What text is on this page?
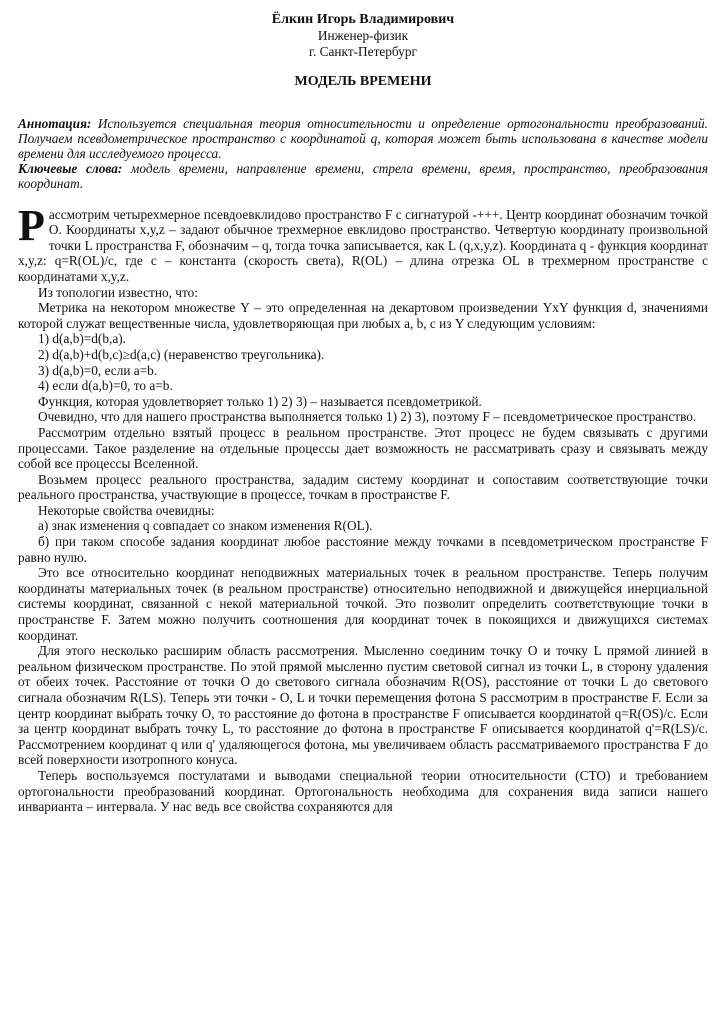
Ёлкин Игорь Владимирович
Инженер-физик
г. Санкт-Петербург
МОДЕЛЬ ВРЕМЕНИ
Аннотация: Используется специальная теория относительности и определение ортогональности преобразований. Получаем псевдометрическое пространство с координатой q, которая может быть использована в качестве модели времени для исследуемого процесса.
Ключевые слова: модель времени, направление времени, стрела времени, время, пространство, преобразования координат.

Рассмотрим четырехмерное псевдоевклидово пространство F с сигнатурой -+++. Центр координат обозначим точкой О. Координаты x,y,z – задают обычное трехмерное евклидово пространство. Четвертую координату произвольной точки L пространства F, обозначим – q, тогда точка записывается, как L (q,x,y,z). Координата q - функция координат x,y,z: q=R(OL)/c, где с – константа (скорость света), R(OL) – длина отрезка OL в трехмерном пространстве с координатами x,y,z.

Из топологии известно, что:

Метрика на некотором множестве Y – это определенная на декартовом произведении YxY функция d, значениями которой служат вещественные числа, удовлетворяющая при любых a, b, c из Y следующим условиям:

1) d(a,b)=d(b,a).

2) d(a,b)+d(b,c)≥d(a,c) (неравенство треугольника).

3) d(a,b)=0, если a=b.

4) если d(a,b)=0, то a=b.

Функция, которая удовлетворяет только 1) 2) 3) – называется псевдометрикой.

Очевидно, что для нашего пространства выполняется только 1) 2) 3), поэтому F – псевдометрическое пространство.

Рассмотрим отдельно взятый процесс в реальном пространстве. Этот процесс не будем связывать с другими процессами. Такое разделение на отдельные процессы дает возможность не рассматривать сразу и связывать между собой все процессы Вселенной.

Возьмем процесс реального пространства, зададим систему координат и сопоставим соответствующие точки реального пространства, участвующие в процессе, точкам в пространстве F.

Некоторые свойства очевидны:

а) знак изменения q совпадает со знаком изменения R(OL).

б) при таком способе задания координат любое расстояние между точками в псевдометрическом пространстве F равно нулю.

Это все относительно координат неподвижных материальных точек в реальном пространстве. Теперь получим координаты материальных точек (в реальном пространстве) относительно неподвижной и движущейся инерциальной системы координат, связанной с некой материальной точкой. Это позволит определить соответствующие точки в пространстве F. Затем можно получить соотношения для координат точек в покоящихся и движущихся системах координат.

Для этого несколько расширим область рассмотрения. Мысленно соединим точку О и точку L прямой линией в реальном физическом пространстве. По этой прямой мысленно пустим световой сигнал из точки L, в сторону удаления от обеих точек. Расстояние от точки О до светового сигнала обозначим R(OS), расстояние от точки L до светового сигнала обозначим R(LS). Теперь эти точки - О, L и точки перемещения фотона S рассмотрим в пространстве F. Если за центр координат выбрать точку О, то расстояние до фотона в пространстве F описывается координатой q=R(OS)/c. Если за центр координат выбрать точку L, то расстояние до фотона в пространстве F описывается координатой q'=R(LS)/c. Рассмотрением координат q или q' удаляющегося фотона, мы увеличиваем область рассматриваемого пространства F до всей поверхности изотропного конуса.

Теперь воспользуемся постулатами и выводами специальной теории относительности (СТО) и требованием ортогональности преобразований координат. Ортогональность необходима для сохранения вида записи нашего инварианта – интервала. У нас ведь все свойства сохраняются для
